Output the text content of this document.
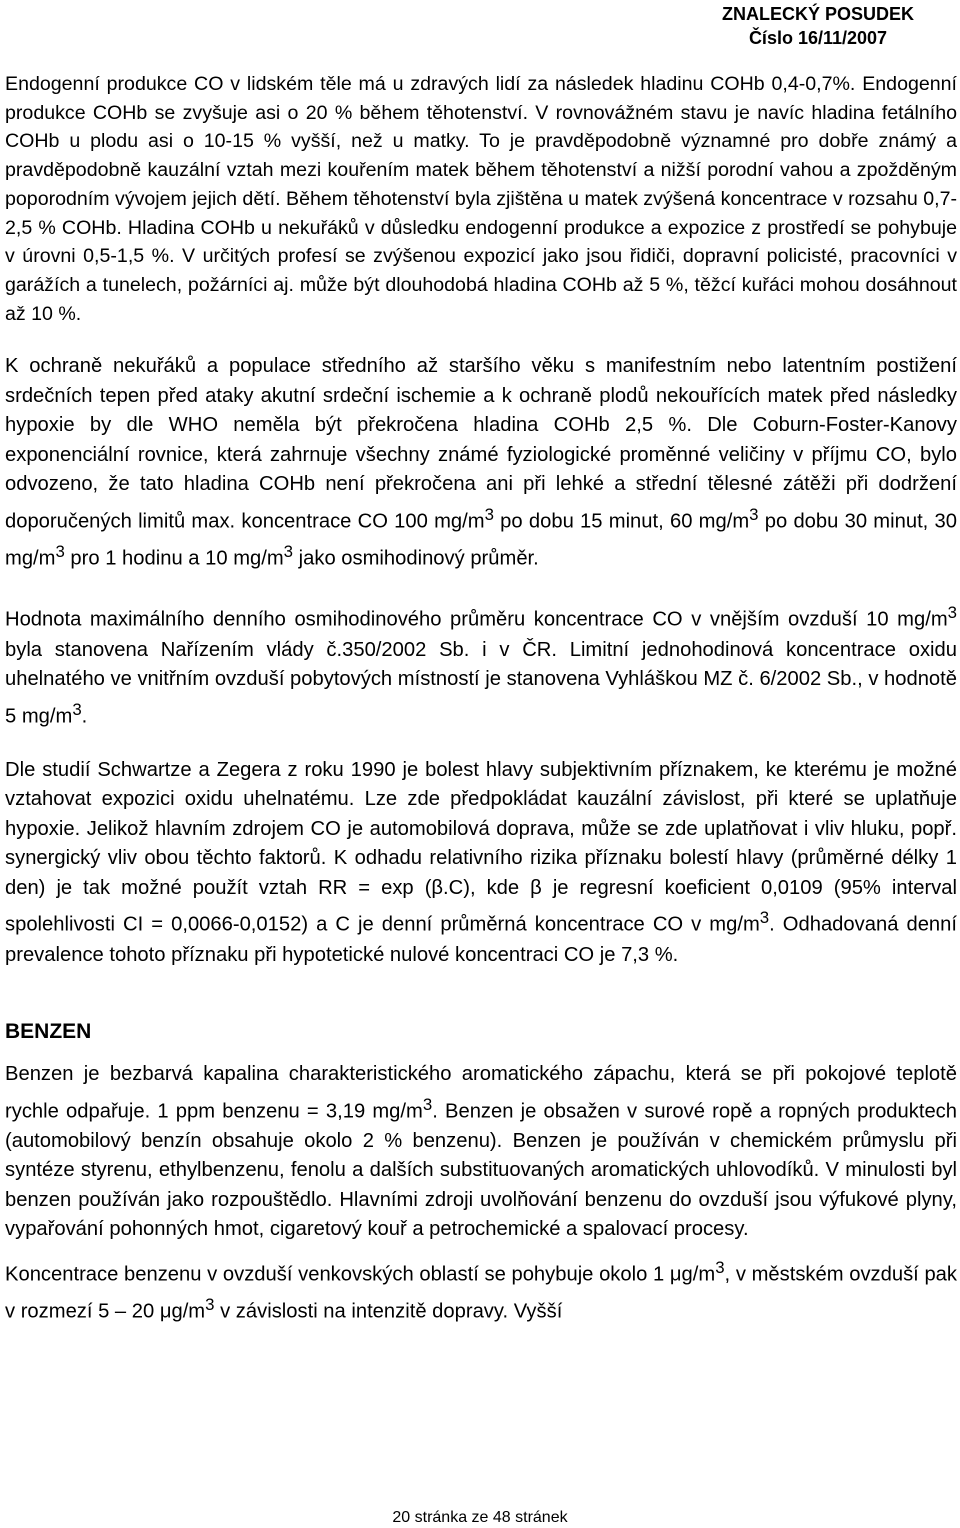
ZNALECKÝ POSUDEK
Číslo 16/11/2007

Endogenní produkce CO v lidském těle má u zdravých lidí za následek hladinu COHb 0,4-0,7%. Endogenní produkce COHb se zvyšuje asi o 20 % během těhotenství. V rovnovážném stavu je navíc hladina fetálního COHb u plodu asi o 10-15 % vyšší, než u matky. To je pravděpodobně významné pro dobře známý a pravděpodobně kauzální vztah mezi kouřením matek během těhotenství a nižší porodní vahou a zpožděným poporodním vývojem jejich dětí. Během těhotenství byla zjištěna u matek zvýšená koncentrace v rozsahu 0,7-2,5 % COHb. Hladina COHb u nekuřáků v důsledku endogenní produkce a expozice z prostředí se pohybuje v úrovni 0,5-1,5 %. V určitých profesí se zvýšenou expozicí jako jsou řidiči, dopravní policisté, pracovníci v garážích a tunelech, požárníci aj. může být dlouhodobá hladina COHb až 5 %, těžcí kuřáci mohou dosáhnout až 10 %.

K ochraně nekuřáků a populace středního až staršího věku s manifestním nebo latentním postižení srdečních tepen před ataky akutní srdeční ischemie a k ochraně plodů nekouřících matek před následky hypoxie by dle WHO neměla být překročena hladina COHb 2,5 %. Dle Coburn-Foster-Kanovy exponenciální rovnice, která zahrnuje všechny známé fyziologické proměnné veličiny v příjmu CO, bylo odvozeno, že tato hladina COHb není překročena ani při lehké a střední tělesné zátěži při dodržení doporučených limitů max. koncentrace CO 100 $mg/m^3$ po dobu 15 minut, 60 $mg/m^3$ po dobu 30 minut, 30 $mg/m^3$ pro 1 hodinu a 10 $mg/m^3$ jako osmihodinový průměr.

Hodnota maximálního denního osmihodinového průměru koncentrace CO v vnějším ovzduší 10 $mg/m^3$ byla stanovena Nařízením vlády č.350/2002 Sb. i v ČR. Limitní jednohodinová koncentrace oxidu uhelnatého ve vnitřním ovzduší pobytových místností je stanovena Vyhláškou MZ č. 6/2002 Sb., v hodnotě 5 $mg/m^3$.

Dle studií Schwartze a Zegera z roku 1990 je bolest hlavy subjektivním příznakem, ke kterému je možné vztahovat expozici oxidu uhelnatému. Lze zde předpokládat kauzální závislost, při které se uplatňuje hypoxie. Jelikož hlavním zdrojem CO je automobilová doprava, může se zde uplatňovat i vliv hluku, popř. synergický vliv obou těchto faktorů. K odhadu relativního rizika příznaku bolestí hlavy (průměrné délky 1 den) je tak možné použít vztah RR = exp (β.C), kde β je regresní koeficient 0,0109 (95% interval spolehlivosti CI = 0,0066-0,0152) a C je denní průměrná koncentrace CO v $mg/m^3$. Odhadovaná denní prevalence tohoto příznaku při hypotetické nulové koncentraci CO je 7,3 %.

BENZEN

Benzen je bezbarvá kapalina charakteristického aromatického zápachu, která se při pokojové teplotě rychle odpařuje. 1 ppm benzenu = 3,19 $mg/m^3$. Benzen je obsažen v surové ropě a ropných produktech (automobilový benzín obsahuje okolo 2 % benzenu). Benzen je používán v chemickém průmyslu při syntéze styrenu, ethylbenzenu, fenolu a dalších substituovaných aromatických uhlovodíků. V minulosti byl benzen používán jako rozpouštědlo. Hlavními zdroji uvolňování benzenu do ovzduší jsou výfukové plyny, vypařování pohonných hmot, cigaretový kouř a petrochemické a spalovací procesy.

Koncentrace benzenu v ovzduší venkovských oblastí se pohybuje okolo 1 $\mu g/m^3$, v městském ovzduší pak v rozmezí 5 – 20 $\mu g/m^3$ v závislosti na intenzitě dopravy. Vyšší

20 stránka ze 48 stránek
